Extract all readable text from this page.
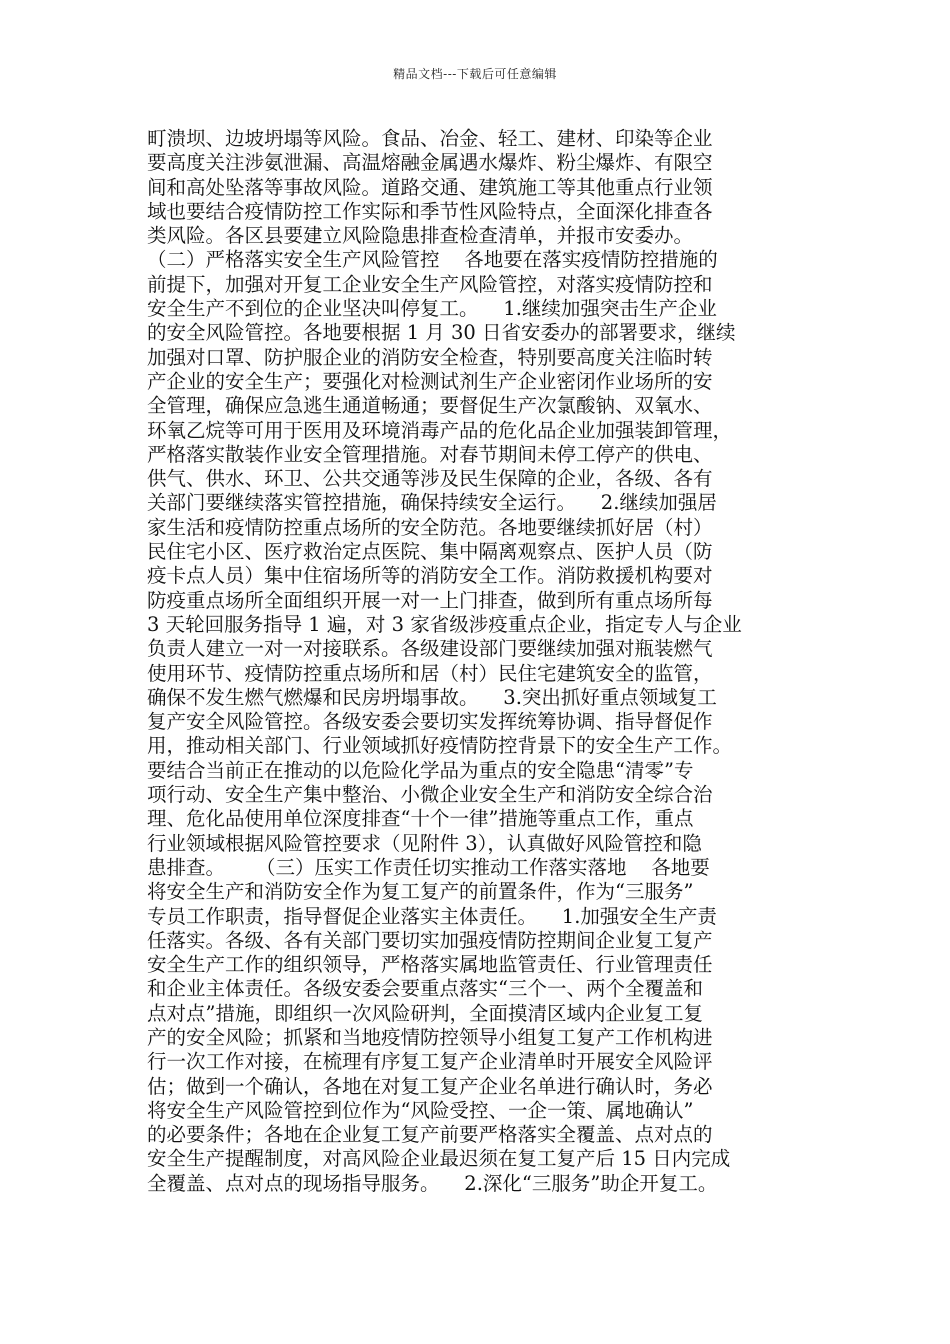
精品文档---下载后可任意编辑
町溃坝、边坡坍塌等风险。食品、冶金、轻工、建材、印染等企业
要高度关注涉氨泄漏、高温熔融金属遇水爆炸、粉尘爆炸、有限空
间和高处坠落等事故风险。道路交通、建筑施工等其他重点行业领
域也要结合疫情防控工作实际和季节性风险特点，全面深化排查各
类风险。各区县要建立风险隐患排查检查清单，并报市安委办。
（二）严格落实安全生产风险管控    各地要在落实疫情防控措施的
前提下，加强对开复工企业安全生产风险管控，对落实疫情防控和
安全生产不到位的企业坚决叫停复工。    1.继续加强突击生产企业
的安全风险管控。各地要根据 1 月 30 日省安委办的部署要求，继续
加强对口罩、防护服企业的消防安全检查，特别要高度关注临时转
产企业的安全生产；要强化对检测试剂生产企业密闭作业场所的安
全管理，确保应急逃生通道畅通；要督促生产次氯酸钠、双氧水、
环氧乙烷等可用于医用及环境消毒产品的危化品企业加强装卸管理，
严格落实散装作业安全管理措施。对春节期间未停工停产的供电、
供气、供水、环卫、公共交通等涉及民生保障的企业，各级、各有
关部门要继续落实管控措施，确保持续安全运行。    2.继续加强居
家生活和疫情防控重点场所的安全防范。各地要继续抓好居（村）
民住宅小区、医疗救治定点医院、集中隔离观察点、医护人员（防
疫卡点人员）集中住宿场所等的消防安全工作。消防救援机构要对
防疫重点场所全面组织开展一对一上门排查，做到所有重点场所每
3 天轮回服务指导 1 遍，对 3 家省级涉疫重点企业，指定专人与企业
负责人建立一对一对接联系。各级建设部门要继续加强对瓶装燃气
使用环节、疫情防控重点场所和居（村）民住宅建筑安全的监管，
确保不发生燃气燃爆和民房坍塌事故。    3.突出抓好重点领域复工
复产安全风险管控。各级安委会要切实发挥统筹协调、指导督促作
用，推动相关部门、行业领域抓好疫情防控背景下的安全生产工作。
要结合当前正在推动的以危险化学品为重点的安全隐患“清零”专
项行动、安全生产集中整治、小微企业安全生产和消防安全综合治
理、危化品使用单位深度排查“十个一律”措施等重点工作，重点
行业领域根据风险管控要求（见附件 3），认真做好风险管控和隐
患排查。     （三）压实工作责任切实推动工作落实落地    各地要
将安全生产和消防安全作为复工复产的前置条件，作为“三服务”
专员工作职责，指导督促企业落实主体责任。    1.加强安全生产责
任落实。各级、各有关部门要切实加强疫情防控期间企业复工复产
安全生产工作的组织领导，严格落实属地监管责任、行业管理责任
和企业主体责任。各级安委会要重点落实“三个一、两个全覆盖和
点对点”措施，即组织一次风险研判，全面摸清区域内企业复工复
产的安全风险；抓紧和当地疫情防控领导小组复工复产工作机构进
行一次工作对接，在梳理有序复工复产企业清单时开展安全风险评
估；做到一个确认，各地在对复工复产企业名单进行确认时，务必
将安全生产风险管控到位作为“风险受控、一企一策、属地确认”
的必要条件；各地在企业复工复产前要严格落实全覆盖、点对点的
安全生产提醒制度，对高风险企业最迟须在复工复产后 15 日内完成
全覆盖、点对点的现场指导服务。    2.深化“三服务”助企开复工。
